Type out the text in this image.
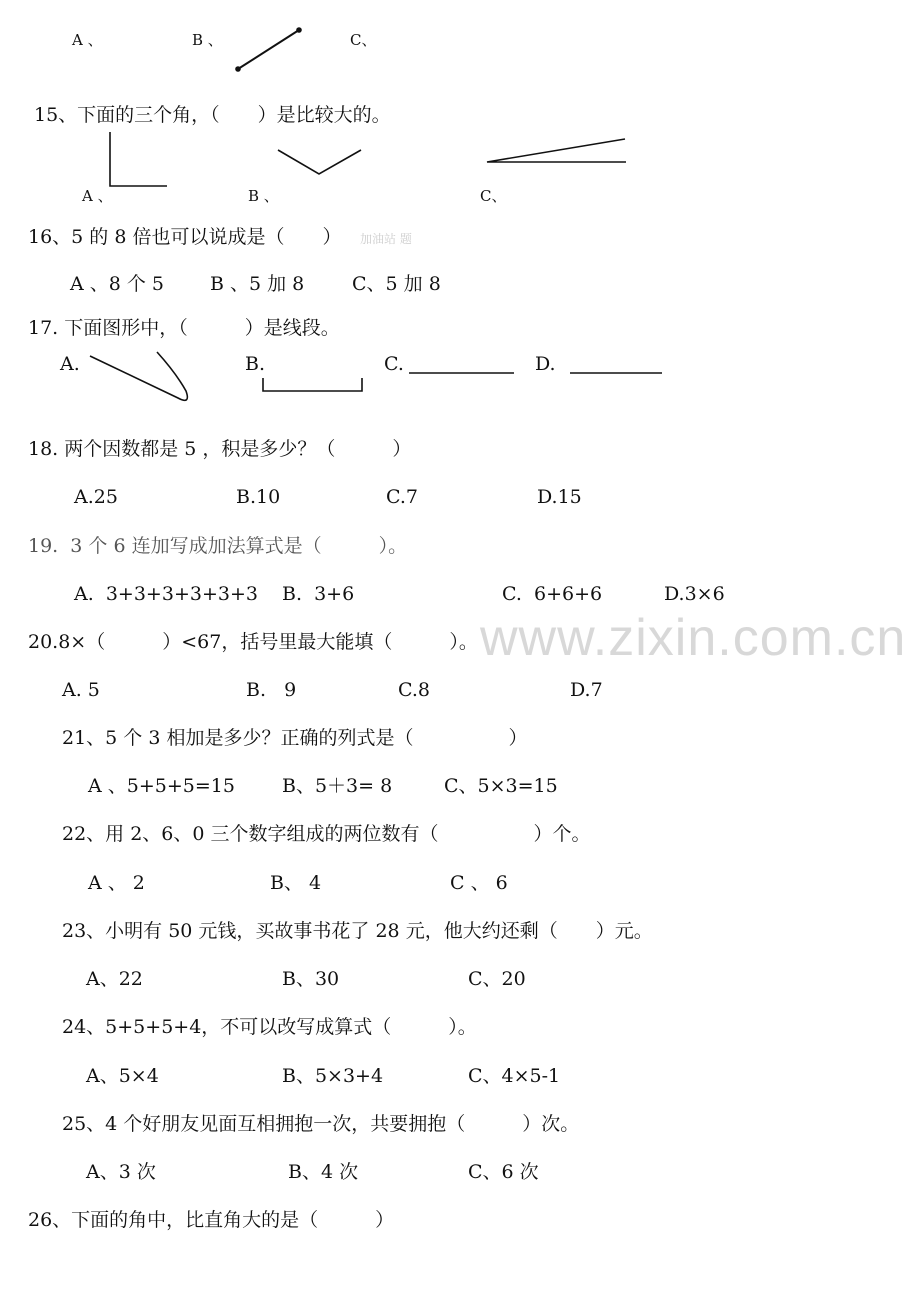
www.zixin.com.cn
A 、	B 、	C、
15、下面的三个角，（　　）是比较大的。
A 、	B 、	C、
16、5 的 8 倍也可以说成是（　　） 加油站 题
A 、8 个 5 B 、5 加 8	C、5 加 8
17. 下面图形中，（　　　）是线段。
A.	B.	C.	D.
18. 两个因数都是 5 ，积是多少？（　　　）
A.25	B.10	C.7	D.15
19.  3 个 6 连加写成加法算式是（　　　）。
A.  3+3+3+3+3+3 B.  3+6	C.  6+6+6	D.3×6
20.8×（　　　）<67，括号里最大能填（　　　）。
A. 5	B.   9	C.8	D.7
21、5 个 3 相加是多少？正确的列式是（　　　　　）
A 、5+5+5=15 B、5＋3= 8	C、5×3=15
22、用 2、6、0 三个数字组成的两位数有（　　　　　）个。
A 、 2	B、 4	C 、 6
23、小明有 50 元钱，买故事书花了 28 元，他大约还剩（　　）元。
A、22	B、30	C、20
24、5+5+5+4，不可以改写成算式（　　　）。
A、5×4	B、5×3+4	C、4×5-1
25、4 个好朋友见面互相拥抱一次，共要拥抱（　　　）次。
A、3 次	B、4 次	C、6 次
26、下面的角中，比直角大的是（　　　）
